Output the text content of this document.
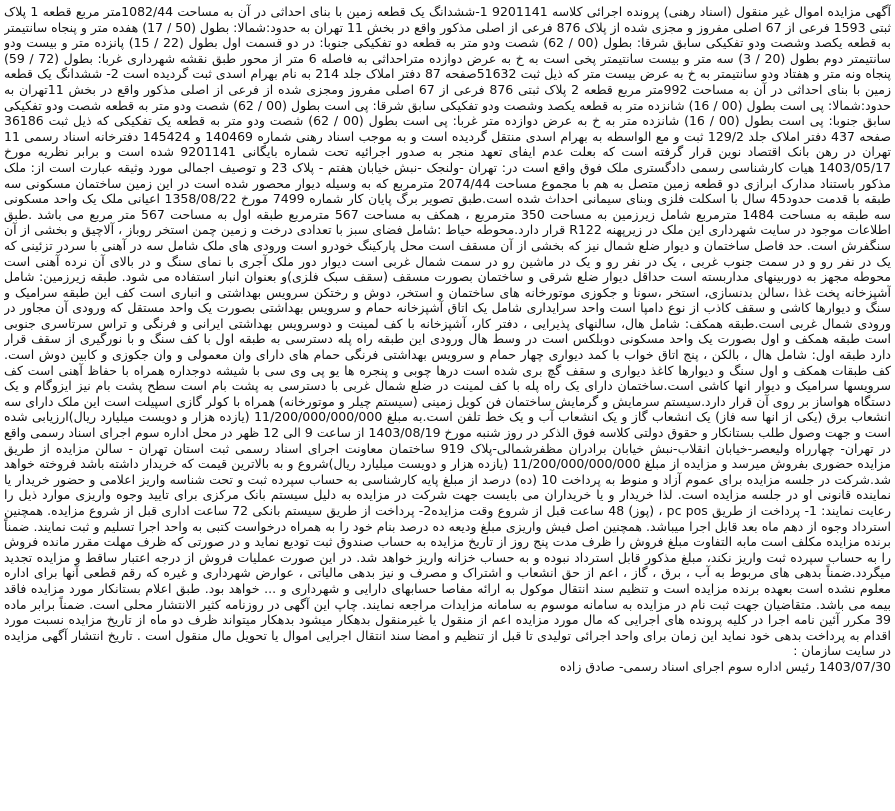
آگهی مزایده اموال غیر منقول (اسناد رهنی) پرونده اجرائی کلاسه 9201141 1-ششدانگ یک قطعه زمین با بنای احداثی در آن به مساحت 1082/44متر مربع قطعه 1 پلاک ثبتی 1593 فرعی از 67 اصلی مفروز و مجزی شده از پلاک 876 فرعی از اصلی مذکور واقع در بخش 11 تهران به حدود:شمالا: بطول (50 / 17) هفده متر و پنجاه سانتیمتر به قطعه یکصد وشصت ودو تفکیکی سابق شرقا: بطول (00 / 62) شصت ودو متر به قطعه دو تفکیکی جنوبا: در دو قسمت اول بطول (22 / 15) پانزده متر و بیست ودو سانتیمتر دوم بطول (20 / 3) سه متر و بیست سانتیمتر پخی است به خ به عرض دوازده متراحداثی به فاصله 6 متر از محور طبق نقشه شهرداری غربا: بطول (72 / 59) پنجاه ونه متر و هفتاد ودو سانتیمتر به خ به عرض بیست متر که ذیل ثبت 51632صفحه 87 دفتر املاک جلد 214 به نام بهرام اسدی ثبت گردیده است 2- ششدانگ یک قطعه زمین با بنای احداثی در آن به مساحت 992متر مربع قطعه 2 پلاک ثبتی 876 فرعی از 67 اصلی مفروز ومجزی شده از فرعی از اصلی مذکور واقع در بخش 11تهران به حدود:شمالا: پی است بطول (00 / 16) شانزده متر به قطعه یکصد وشصت ودو تفکیکی سابق شرقا: پی است بطول (00 / 62) شصت ودو متر به قطعه شصت ودو تفکیکی سابق جنوبا: پی است بطول (00 / 16) شانزده متر به خ به عرض دوازده متر غربا: پی است بطول (00 / 62) شصت ودو متر به قطعه یک تفکیکی که ذیل ثبت 36186 صفحه 437 دفتر املاک جلد 129/2 ثبت و مع الواسطه به بهرام اسدی منتقل گردیده است و به موجب اسناد رهنی شماره 140469 و 145424 دفترخانه اسناد رسمی 11 تهران در رهن بانک اقتصاد نوین قرار گرفته است که بعلت عدم ایفای تعهد منجر به صدور اجرائیه تحت شماره بایگانی 9201141 شده است و برابر نظریه مورخ 1403/05/17 هیات کارشناسی رسمی دادگستری ملک فوق واقع است در: تهران -ولنجک -نبش خیابان هفتم - پلاک 23 و توصیف اجمالی مورد وثیقه عبارت است از: ملک مذکور باستناد مدارک ابرازی دو قطعه زمین متصل به هم با مجموع مساحت 2074/44 مترمربع که به وسیله دیوار محصور شده است در این زمین ساختمان مسکونی سه طبقه با قدمت حدود45 سال با اسکلت فلزی وبنای سیمانی احداث شده است.طبق تصویر برگ پایان کار شماره 7499 مورخ 1358/08/22 اعیانی ملک یک واحد مسکونی سه طبقه به مساحت 1484 مترمربع شامل زیرزمین به مساحت 350 مترمربع ، همکف به مساحت 567 مترمربع طبقه اول به مساحت 567 متر مربع می باشد .طبق اطلاعات موجود در سایت شهرداری این ملک در زیرپهنه R122 قرار دارد.محوطه حیاط :شامل فضای سبز با تعدادی درخت و زمین چمن استخر روباز ، آلاچیق و بخشی از آن سنگفرش است. حد فاصل ساختمان و دیوار ضلع شمال نیز که بخشی از آن مسقف است محل پارکینگ خودرو است ورودی های ملک شامل سه در آهنی با سردر تزئینی که یک در نفر رو و در سمت جنوب غربی ، یک در نفر رو و یک در ماشین رو در سمت شمال غربی است دیوار دور ملک آجری با نمای سنگ و در بالای آن نرده آهنی است محوطه مجهز به دوربینهای مداربسته است حداقل دیوار ضلع شرقی و ساختمان بصورت مسقف (سقف سبک فلزی)و بعنوان انبار استفاده می شود. طبقه زیرزمین: شامل آشپزخانه پخت غذا ،سالن بدنسازی، استخر ،سونا و جکوزی موتورخانه های ساختمان و استخر، دوش و رختکن سرویس بهداشتی و انباری است کف این طبقه سرامیک و سنگ و دیوارها کاشی و سقف کاذب از نوع دامپا است واحد سرایداری شامل یک اتاق آشپزخانه حمام و سرویس بهداشتی بصورت یک واحد مستقل که ورودی آن مجاور در ورودی شمال غربی است.طبقه همکف: شامل هال، سالنهای پذیرایی ، دفتر کار، آشپزخانه با کف لمینت و دوسرویس بهداشتی ایرانی و فرنگی و تراس سرتاسری جنوبی است طبقه همکف و اول بصورت یک واحد مسکونی دوبلکس است در وسط هال ورودی این طبقه راه پله دسترسی به طبقه اول با کف سنگ و با نورگیری از سقف قرار دارد طبقه اول: شامل هال ، بالکن ، پنج اتاق خواب با کمد دیواری چهار حمام و سرویس بهداشتی فرنگی حمام های دارای وان معمولی و وان جکوزی و کابین دوش است. کف طبقات همکف و اول سنگ و دیوارها کاغذ دیواری و سقف گچ بری شده است درها چوبی و پنجره ها یو پی وی سی با شیشه دوجداره همراه با حفاظ آهنی است کف سرویسها سرامیک و دیوار انها کاشی است.ساختمان دارای یک راه پله با کف لمینت در ضلع شمال غربی با دسترسی به پشت بام است سطح پشت بام نیز ایزوگام و یک دستگاه هواساز بر روی آن قرار دارد.سیستم سرمایش و گرمایش ساختمان فن کویل زمینی (سیستم چیلر و موتورخانه) همراه با کولر گازی اسپیلت است این ملک دارای سه انشعاب برق (یکی از انها سه فاز) یک انشعاب گاز و یک انشعاب آب و یک خط تلفن است.به مبلغ 11/200/000/000/000 (یازده هزار و دویست میلیارد ریال)ارزیابی شده است و جهت وصول طلب بستانکار و حقوق دولتی کلاسه فوق الذکر در روز شنبه مورخ 1403/08/19 از ساعت 9 الی 12 ظهر در محل اداره سوم اجرای اسناد رسمی واقع در تهران- چهارراه ولیعصر-خیابان انقلاب-نبش خیابان برادران مظفرشمالی-پلاک 919 ساختمان معاونت اجرای اسناد رسمی ثبت استان تهران - سالن مزایده از طریق مزایده حضوری بفروش میرسد و مزایده از مبلغ 11/200/000/000/000 (یازده هزار و دویست میلیارد ریال)شروع و به بالاترین قیمت که خریدار داشته باشد فروخته خواهد شد.شرکت در جلسه مزایده برای عموم آزاد و منوط به پرداخت 10 (ده) درصد از مبلغ پایه کارشناسی به حساب سپرده ثبت و تحت شناسه واریز اعلامی و حضور خریدار یا نماینده قانونی او در جلسه مزایده است. لذا خریدار و یا خریداران می بایست جهت شرکت در مزایده به دلیل سیستم بانک مرکزی برای تایید وجوه واریزی موارد ذیل را رعایت نمایند: 1- پرداخت از طریق pc pos ، (پوز) 48 ساعت قبل از شروع وقت مزایده2- پرداخت از طریق سیستم بانکی 72 ساعت اداری قبل از شروع مزایده. همچنین استرداد وجوه از دهم ماه بعد قابل اجرا میباشد. همچنین اصل فیش واریزی مبلغ ودیعه ده درصد بنام خود را به همراه درخواست کتبی به واحد اجرا تسلیم و ثبت نمایند. ضمناً برنده مزایده مکلف است مابه التفاوت مبلغ فروش را ظرف مدت پنج روز از تاریخ مزایده به حساب صندوق ثبت تودیع نماید و در صورتی که ظرف مهلت مقرر مانده فروش را به حساب سپرده ثبت واریز نکند، مبلغ مذکور قابل استرداد نبوده و به حساب خزانه واریز خواهد شد. در این صورت عملیات فروش از درجه اعتبار ساقط و مزایده تجدید میگردد.ضمناً بدهی های مربوط به آب ، برق ، گاز ، اعم از حق انشعاب و اشتراک و مصرف و نیز بدهی مالیاتی ، عوارض شهرداری و غیره که رقم قطعی آنها برای اداره معلوم نشده است بعهده برنده مزایده است و تنظیم سند انتقال موکول به ارائه مفاصا حسابهای دارایی و شهرداری و ... خواهد بود. طبق اعلام بستانکار مورد مزایده فاقد بیمه می باشد. متقاضیان جهت ثبت نام در مزایده به سامانه موسوم به سامانه مزایدات مراجعه نمایند. چاپ این آگهی در روزنامه کثیر الانتشار محلی است. ضمناً برابر ماده 39 مکرر آئین نامه اجرا در کلیه پرونده های اجرایی که مال مورد مزایده اعم از منقول یا غیرمنقول بدهکار میشود بدهکار میتواند ظرف دو ماه از تاریخ مزایده نسبت مورد اقدام به پرداخت بدهی خود نماید این زمان برای واحد اجرائی تولیدی تا قبل از تنظیم و امضا سند انتقال اجرایی اموال یا تحویل مال منقول است . تاریخ انتشار آگهی مزایده در سایت سازمان :
1403/07/30 رئیس اداره سوم اجرای اسناد رسمی- صادق زاده
